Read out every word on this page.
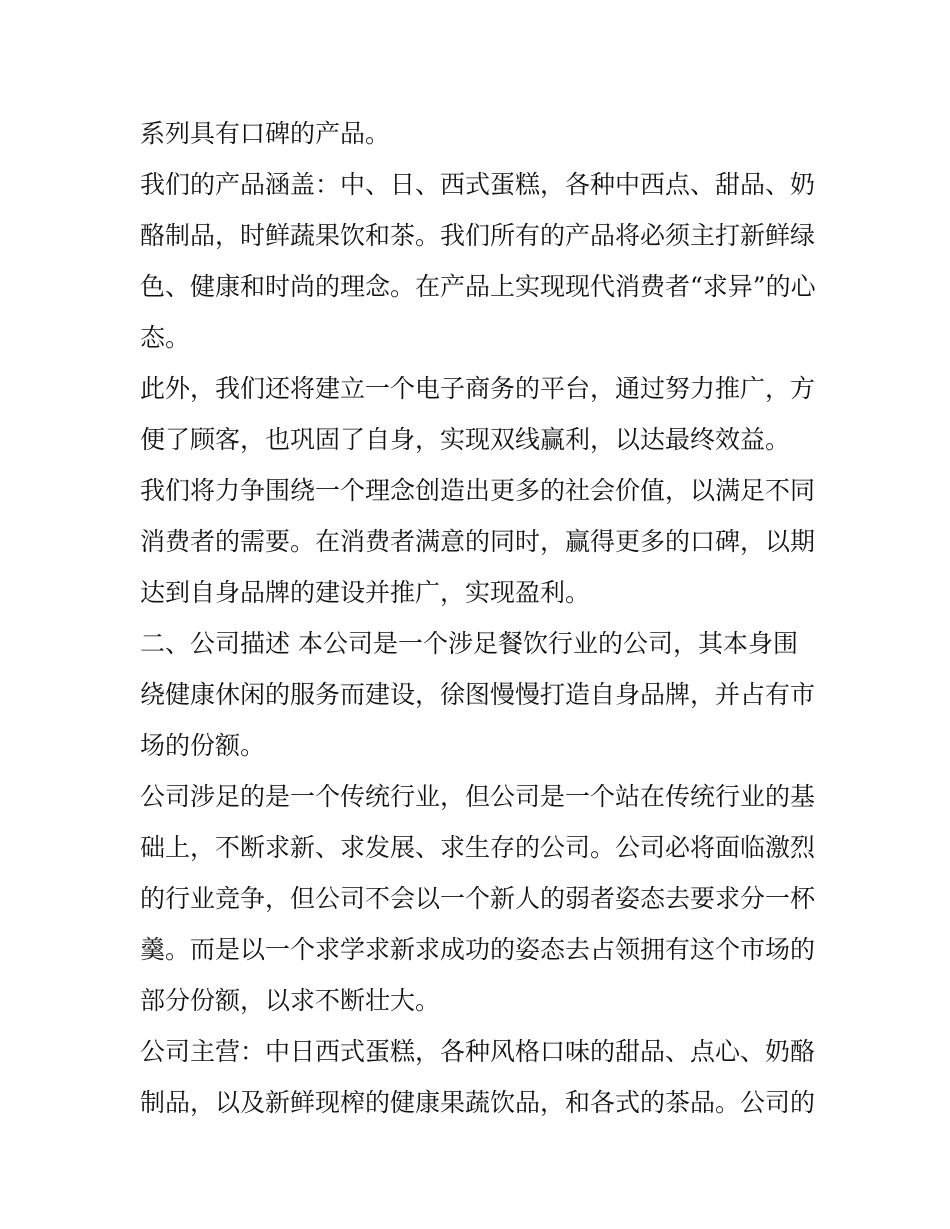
系列具有口碑的产品。
我们的产品涵盖：中、日、西式蛋糕，各种中西点、甜品、奶
酪制品，时鲜蔬果饮和茶。我们所有的产品将必须主打新鲜绿
色、健康和时尚的理念。在产品上实现现代消费者“求异”的心
态。
此外，我们还将建立一个电子商务的平台，通过努力推广，方
便了顾客，也巩固了自身，实现双线赢利，以达最终效益。
我们将力争围绕一个理念创造出更多的社会价值，以满足不同
消费者的需要。在消费者满意的同时，赢得更多的口碑，以期
达到自身品牌的建设并推广，实现盈利。
二、公司描述 本公司是一个涉足餐饮行业的公司，其本身围
绕健康休闲的服务而建设，徐图慢慢打造自身品牌，并占有市
场的份额。
公司涉足的是一个传统行业，但公司是一个站在传统行业的基
础上，不断求新、求发展、求生存的公司。公司必将面临激烈
的行业竞争，但公司不会以一个新人的弱者姿态去要求分一杯
羹。而是以一个求学求新求成功的姿态去占领拥有这个市场的
部分份额，以求不断壮大。
公司主营：中日西式蛋糕，各种风格口味的甜品、点心、奶酪
制品，以及新鲜现榨的健康果蔬饮品，和各式的茶品。公司的
